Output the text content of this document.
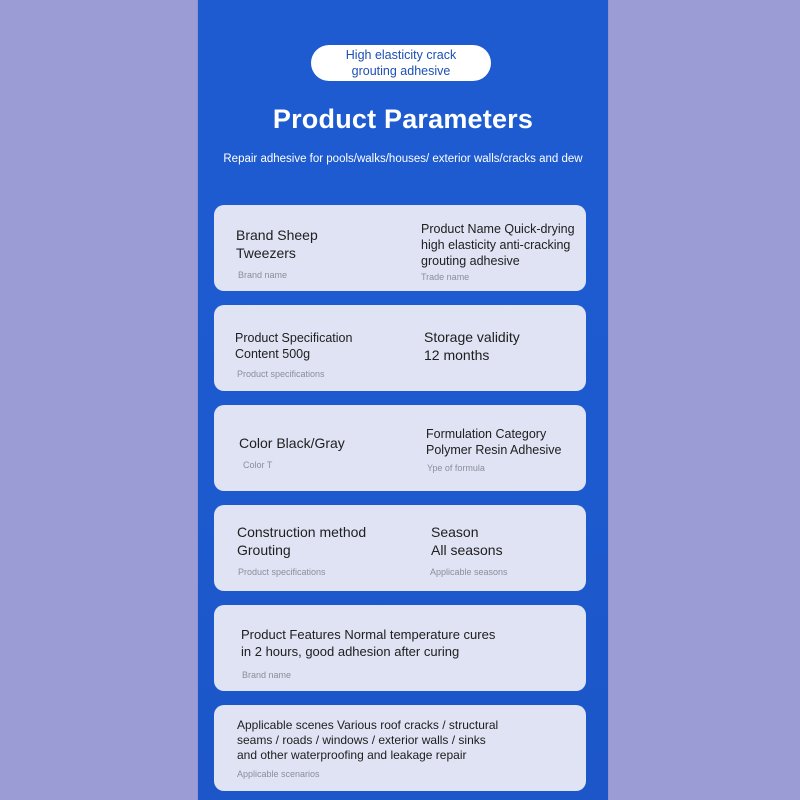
High elasticity crack
grouting adhesive
Product Parameters
Repair adhesive for pools/walks/houses/ exterior walls/cracks and dew
Brand Sheep
Tweezers
Brand name
Product Name Quick-drying
high elasticity anti-cracking
grouting adhesive
Trade name
Product Specification
Content 500g
Product specifications
Storage validity
12 months
Color Black/Gray
Color T
Formulation Category
Polymer Resin Adhesive
Ype of formula
Construction method
Grouting
Product specifications
Season
All seasons
Applicable seasons
Product Features Normal temperature cures
in 2 hours, good adhesion after curing
Brand name
Applicable scenes Various roof cracks / structural
seams / roads / windows / exterior walls / sinks
and other waterproofing and leakage repair
Applicable scenarios
